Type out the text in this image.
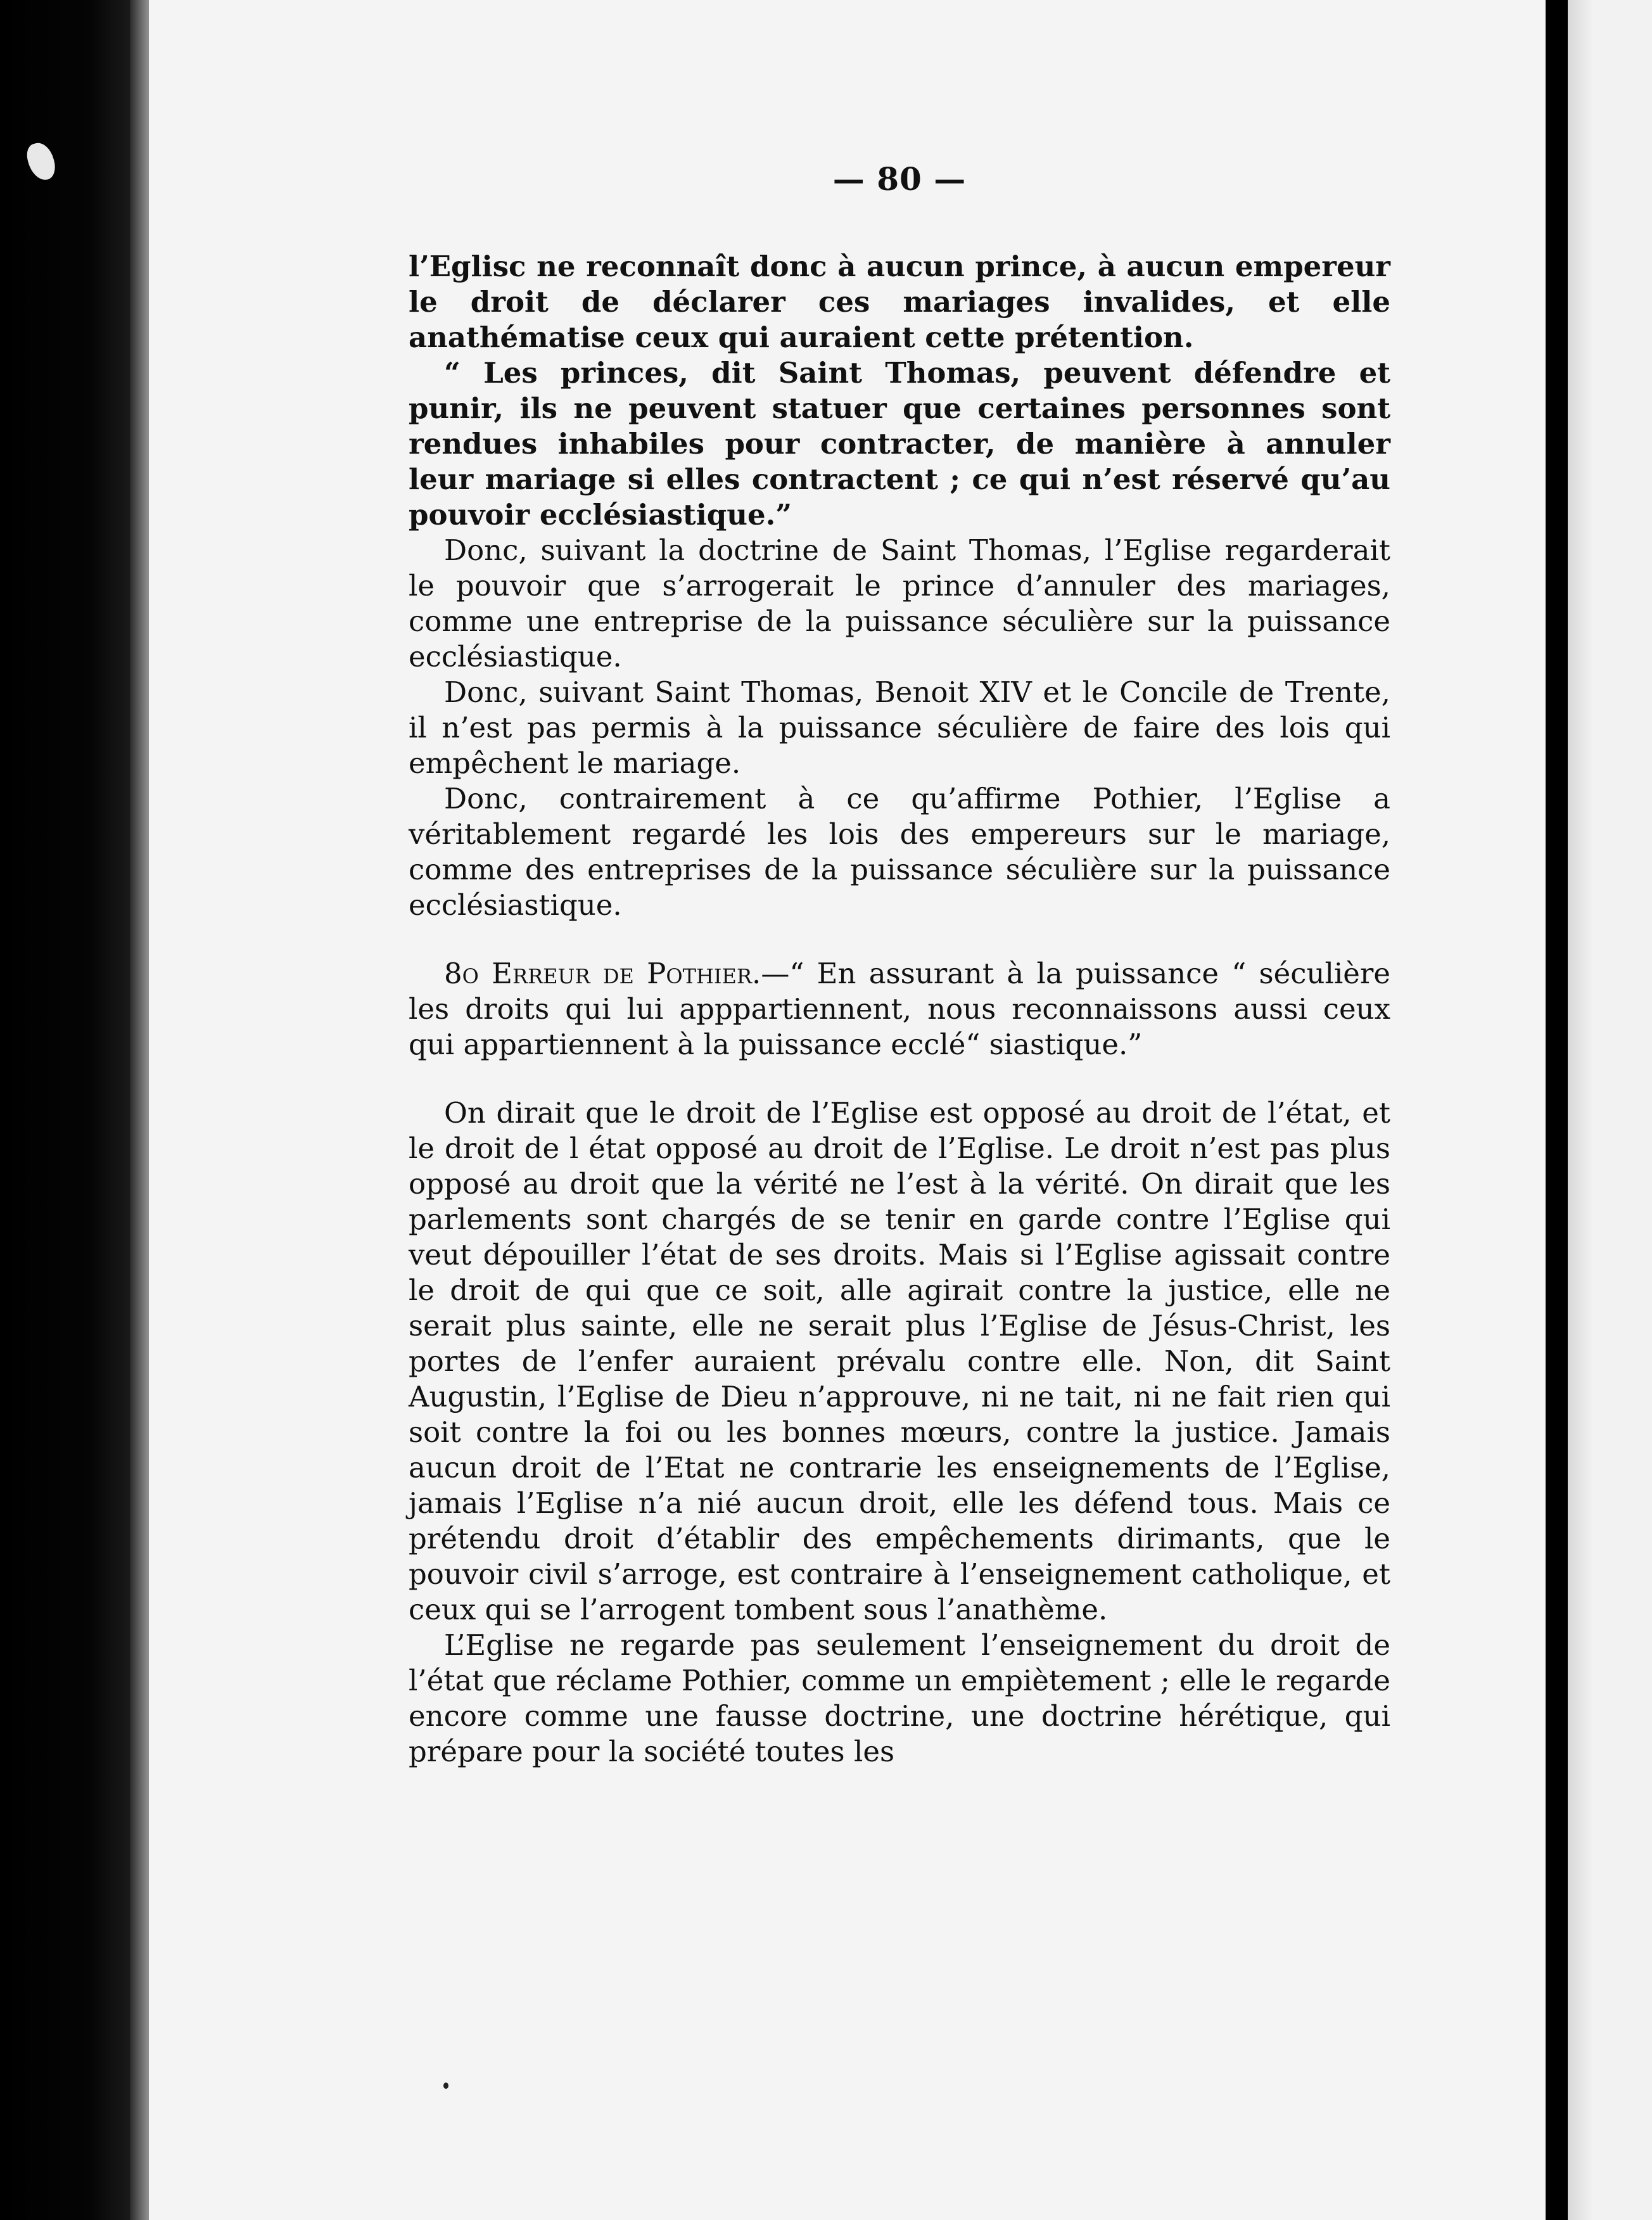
— 80 —

l’Eglisc ne reconnaît donc à aucun prince, à aucun empereur le droit de déclarer ces mariages invalides, et elle anathématise ceux qui auraient cette prétention.

“ Les princes, dit Saint Thomas, peuvent défendre et punir, ils ne peuvent statuer que certaines personnes sont rendues inhabiles pour contracter, de manière à annuler leur mariage si elles contractent ; ce qui n’est réservé qu’au pouvoir ecclésiastique.”

Donc, suivant la doctrine de Saint Thomas, l’Eglise regarderait le pouvoir que s’arrogerait le prince d’annuler des mariages, comme une entreprise de la puissance séculière sur la puissance ecclésiastique.

Donc, suivant Saint Thomas, Benoit XIV et le Concile de Trente, il n’est pas permis à la puissance séculière de faire des lois qui empêchent le mariage.

Donc, contrairement à ce qu’affirme Pothier, l’Eglise a véritablement regardé les lois des empereurs sur le mariage, comme des entreprises de la puissance séculière sur la puissance ecclésiastique.

8o Erreur de Pothier.—“ En assurant à la puissance “ séculière les droits qui lui apppartiennent, nous reconnaissons aussi ceux qui appartiennent à la puissance ecclé“ siastique.”

On dirait que le droit de l’Eglise est opposé au droit de l’état, et le droit de l état opposé au droit de l’Eglise. Le droit n’est pas plus opposé au droit que la vérité ne l’est à la vérité. On dirait que les parlements sont chargés de se tenir en garde contre l’Eglise qui veut dépouiller l’état de ses droits. Mais si l’Eglise agissait contre le droit de qui que ce soit, alle agirait contre la justice, elle ne serait plus sainte, elle ne serait plus l’Eglise de Jésus-Christ, les portes de l’enfer auraient prévalu contre elle. Non, dit Saint Augustin, l’Eglise de Dieu n’approuve, ni ne tait, ni ne fait rien qui soit contre la foi ou les bonnes mœurs, contre la justice. Jamais aucun droit de l’Etat ne contrarie les enseignements de l’Eglise, jamais l’Eglise n’a nié aucun droit, elle les défend tous. Mais ce prétendu droit d’établir des empêchements dirimants, que le pouvoir civil s’arroge, est contraire à l’enseignement catholique, et ceux qui se l’arrogent tombent sous l’anathème.

L’Eglise ne regarde pas seulement l’enseignement du droit de l’état que réclame Pothier, comme un empiètement ; elle le regarde encore comme une fausse doctrine, une doctrine hérétique, qui prépare pour la société toutes les
